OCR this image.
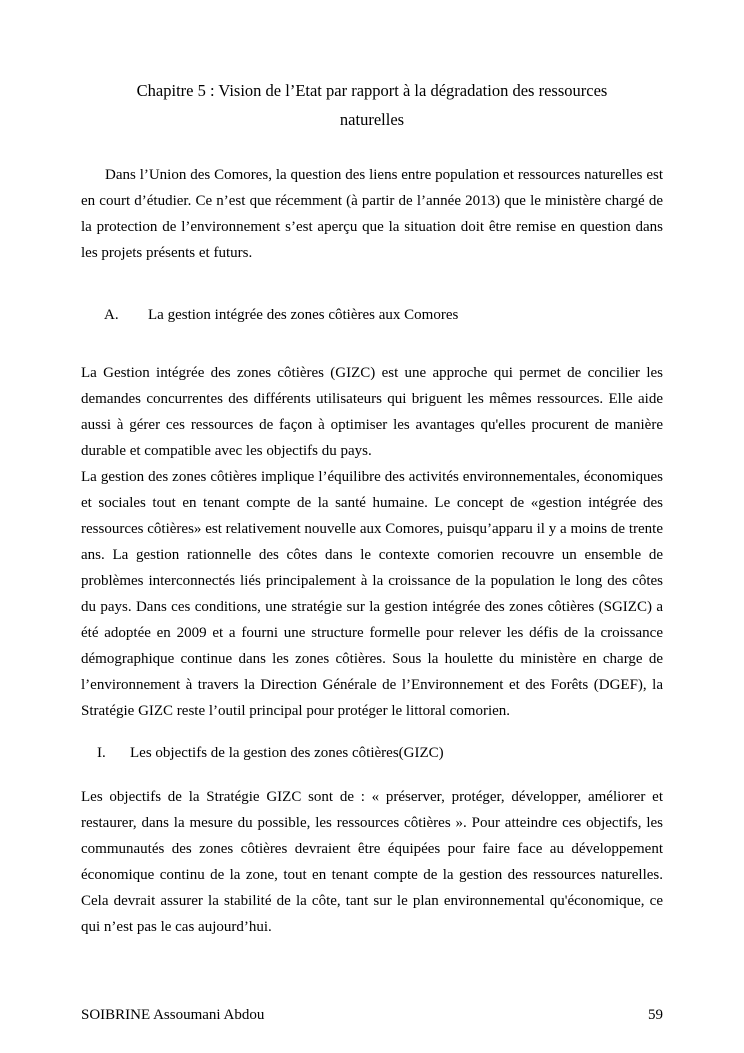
Chapitre 5 : Vision de l’Etat par rapport à la dégradation des ressources naturelles

Dans l’Union des Comores, la question des liens entre population et ressources naturelles est en court d’étudier. Ce n’est que récemment (à partir de l’année 2013) que le ministère chargé de la protection de l’environnement s’est aperçu que la situation doit être remise en question dans les projets présents et futurs.

A.	La gestion intégrée des zones côtières aux Comores

La Gestion intégrée des zones côtières (GIZC) est une approche qui permet de concilier les demandes concurrentes des différents utilisateurs qui briguent les mêmes ressources. Elle aide aussi à gérer ces ressources de façon à optimiser les avantages qu'elles procurent de manière durable et compatible avec les objectifs du pays.

La gestion des zones côtières implique l’équilibre des activités environnementales, économiques et sociales tout en tenant compte de la santé humaine. Le concept de «gestion intégrée des ressources côtières» est relativement nouvelle aux Comores, puisqu’apparu il y a moins de trente ans. La gestion rationnelle des côtes dans le contexte comorien recouvre un ensemble de problèmes interconnectés liés principalement à la croissance de la population le long des côtes du pays. Dans ces conditions, une stratégie sur la gestion intégrée des zones côtières (SGIZC) a été adoptée en 2009 et a fourni une structure formelle pour relever les défis de la croissance démographique continue dans les zones côtières. Sous la houlette du ministère en charge de l’environnement à travers la Direction Générale de l’Environnement et des Forêts (DGEF), la Stratégie GIZC reste l’outil principal pour protéger le littoral comorien.

I.	Les objectifs de la gestion des zones côtières(GIZC)

Les objectifs de la Stratégie GIZC sont de : « préserver, protéger, développer, améliorer et restaurer, dans la mesure du possible, les ressources côtières ». Pour atteindre ces objectifs, les communautés des zones côtières devraient être équipées pour faire face au développement économique continu de la zone, tout en tenant compte de la gestion des ressources naturelles. Cela devrait assurer la stabilité de la côte, tant sur le plan environnemental qu'économique, ce qui n’est pas le cas aujourd’hui.

SOIBRINE Assoumani Abdou	59
